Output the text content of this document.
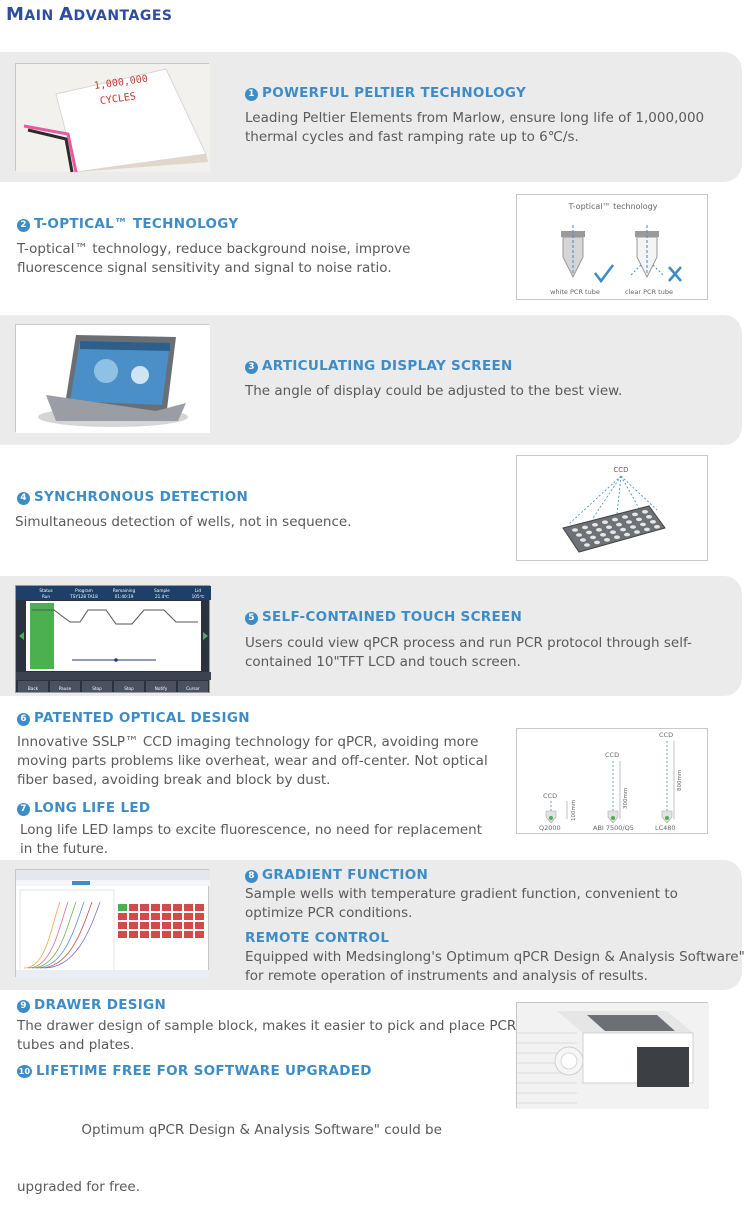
MAIN ADVANTAGES
1,000,000
CYCLES	1 POWERFUL PELTIER TECHNOLOGY
Leading Peltier Elements from Marlow, ensure long life of 1,000,000
thermal cycles and fast ramping rate up to 6℃/s.
2 T-OPTICAL™ TECHNOLOGY
T-optical™ technology, reduce background noise, improve
fluorescence signal sensitivity and signal to noise ratio.
T-optical™ technology
white PCR tube	clear PCR tube
3 ARTICULATING DISPLAY SCREEN
The angle of display could be adjusted to the best view.
4 SYNCHRONOUS DETECTION
Simultaneous detection of wells, not in sequence.
CCD
Status	Program	Remaining	Sample	Lid
Run	TSY128 TA18	01:40:19	21.4℃	105℃
Back	Pause	Stop	Stop	Notify	Cursor
5 SELF-CONTAINED TOUCH SCREEN
Users could view qPCR process and run PCR protocol through self-
contained 10"TFT LCD and touch screen.
6 PATENTED OPTICAL DESIGN
Innovative SSLP™ CCD imaging technology for qPCR, avoiding more
moving parts problems like overheat, wear and off-center. Not optical
fiber based, avoiding break and block by dust.
CCD
CCD
CCD
Q2000	ABI 7500/Q5	LC480
100mm
300mm
800mm
7 LONG LIFE LED
Long life LED lamps to excite fluorescence, no need for replacement
in the future.
8 GRADIENT FUNCTION
Sample wells with temperature gradient function, convenient to
optimize PCR conditions.
REMOTE CONTROL
Equipped with Medsinglong's Optimum qPCR Design & Analysis Software"
for remote operation of instruments and analysis of results.
9 DRAWER DESIGN
The drawer design of sample block, makes it easier to pick and place PCR
tubes and plates.
10 LIFETIME FREE FOR SOFTWARE UPGRADED

Optimum qPCR Design & Analysis Software" could be

upgraded for free.
